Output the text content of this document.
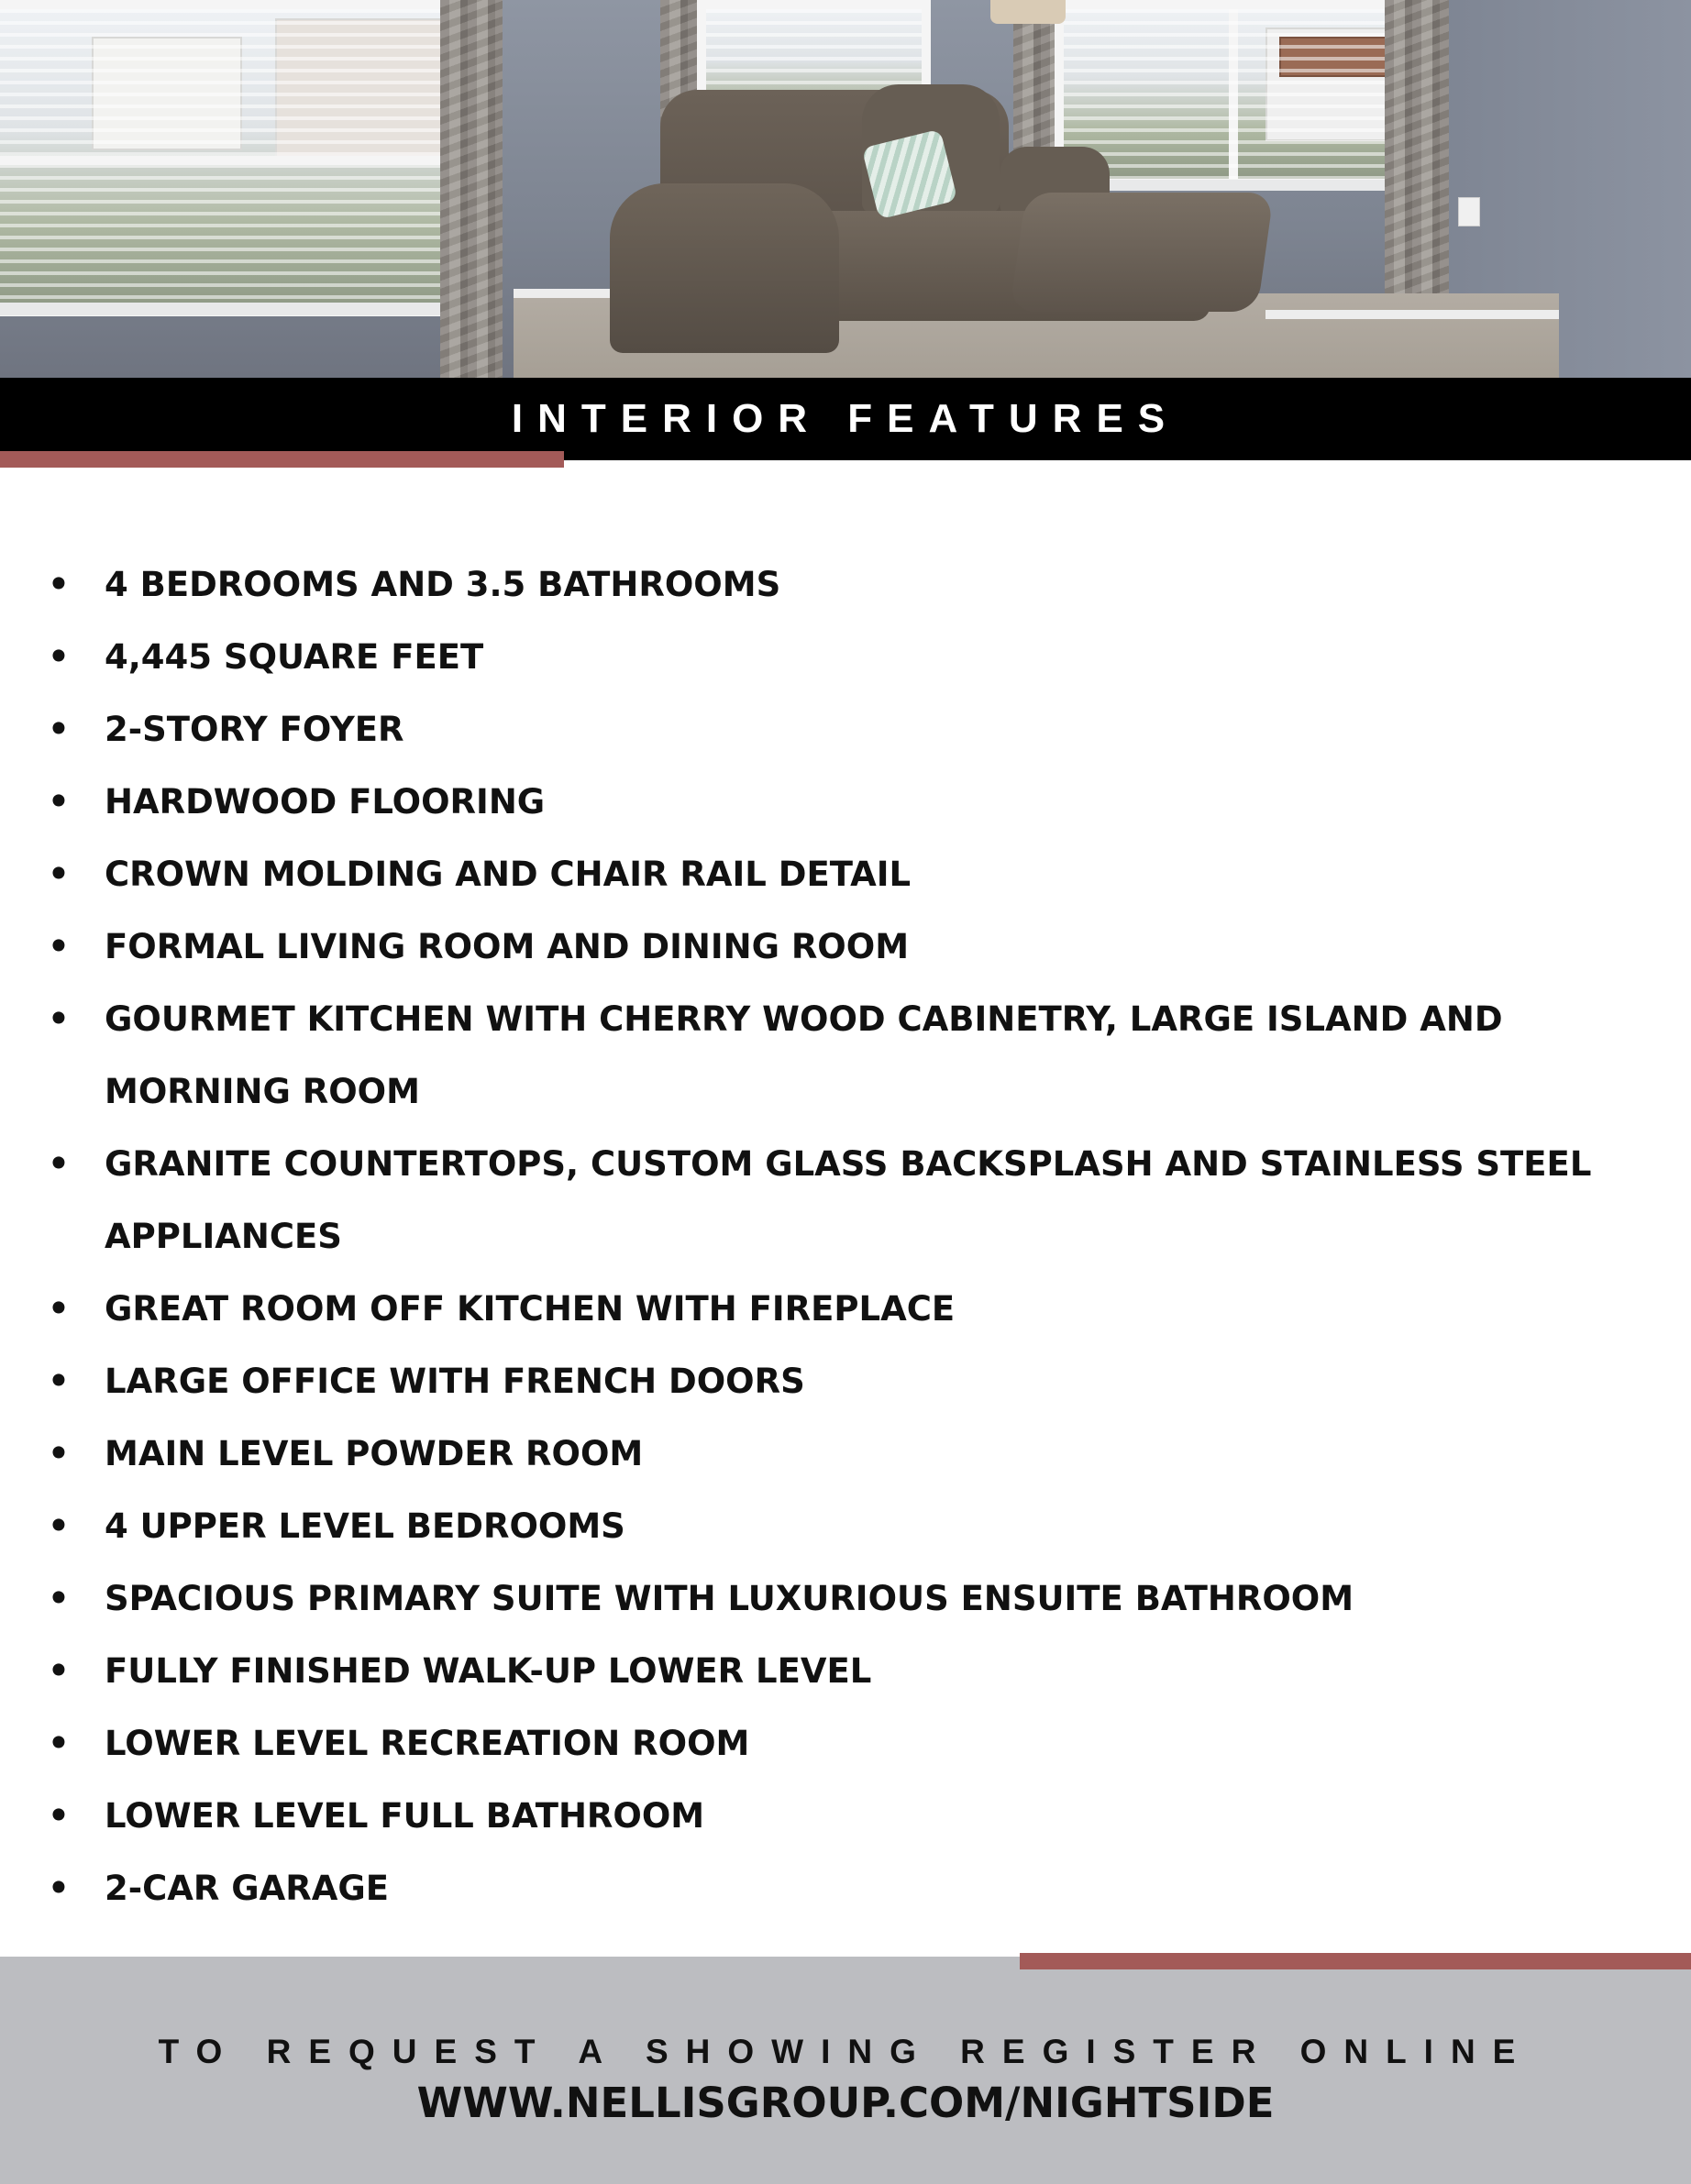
INTERIOR FEATURES
• 4 BEDROOMS AND 3.5 BATHROOMS
• 4,445 SQUARE FEET
• 2-STORY FOYER
• HARDWOOD FLOORING
• CROWN MOLDING AND CHAIR RAIL DETAIL
• FORMAL LIVING ROOM AND DINING ROOM
• GOURMET KITCHEN WITH CHERRY WOOD CABINETRY, LARGE ISLAND AND MORNING ROOM
• GRANITE COUNTERTOPS, CUSTOM GLASS BACKSPLASH AND STAINLESS STEEL APPLIANCES
• GREAT ROOM OFF KITCHEN WITH FIREPLACE
• LARGE OFFICE WITH FRENCH DOORS
• MAIN LEVEL POWDER ROOM
• 4 UPPER LEVEL BEDROOMS
• SPACIOUS PRIMARY SUITE WITH LUXURIOUS ENSUITE BATHROOM
• FULLY FINISHED WALK-UP LOWER LEVEL
• LOWER LEVEL RECREATION ROOM
• LOWER LEVEL FULL BATHROOM
• 2-CAR GARAGE
TO REQUEST A SHOWING REGISTER ONLINE
WWW.NELLISGROUP.COM/NIGHTSIDE
